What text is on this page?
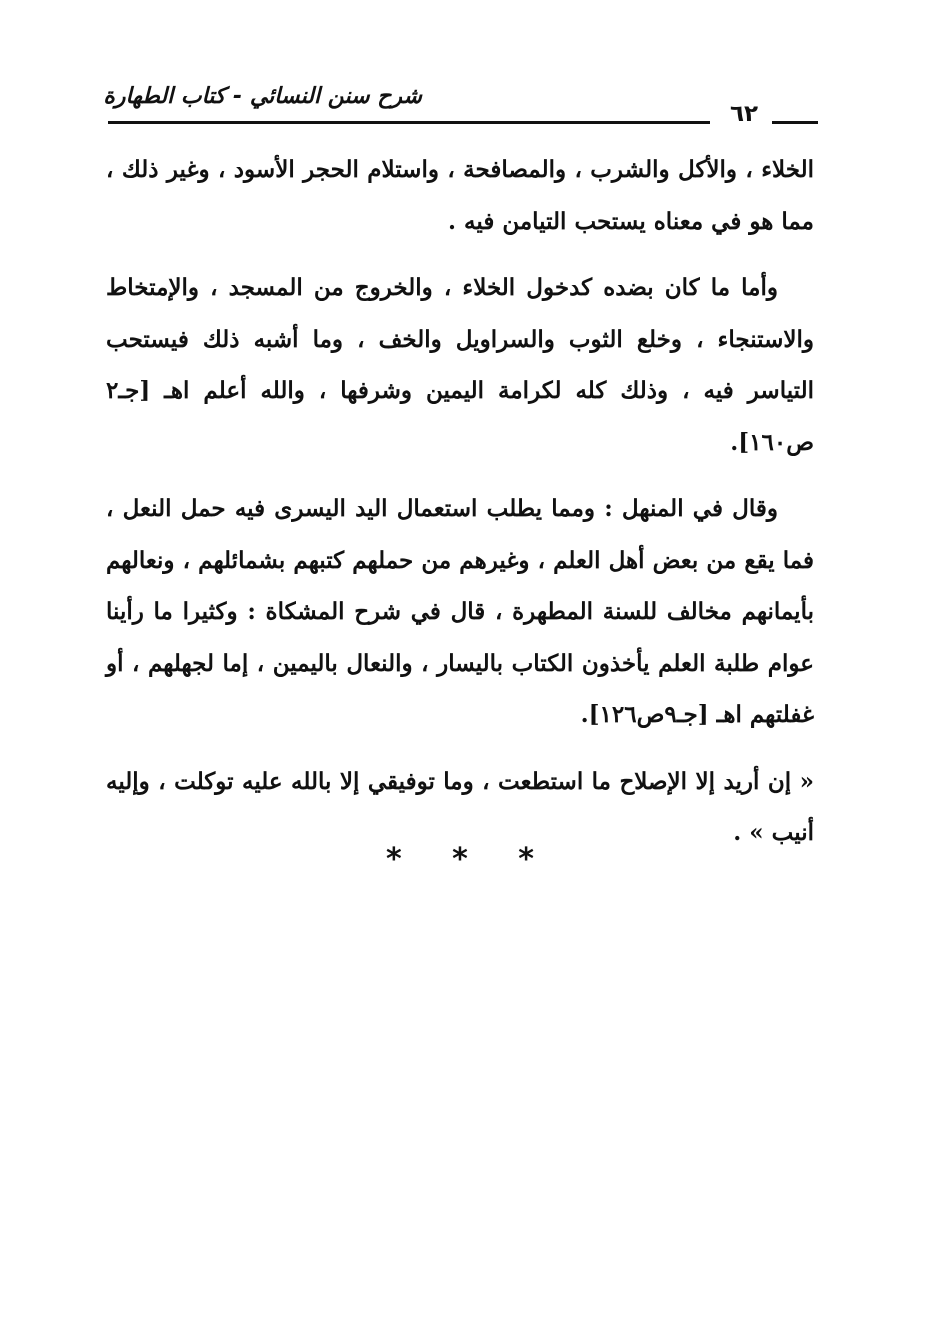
شرح سنن النسائي - كتاب الطهارة
٦٢

الخلاء ، والأكل والشرب ، والمصافحة ، واستلام الحجر الأسود ، وغير ذلك ، مما هو في معناه يستحب التيامن فيه .

وأما ما كان بضده كدخول الخلاء ، والخروج من المسجد ، والإمتخاط والاستنجاء ، وخلع الثوب والسراويل والخف ، وما أشبه ذلك فيستحب التياسر فيه ، وذلك كله لكرامة اليمين وشرفها ، والله أعلم اهـ [جـ٢ ص١٦٠].

وقال في المنهل : ومما يطلب استعمال اليد اليسرى فيه حمل النعل ، فما يقع من بعض أهل العلم ، وغيرهم من حملهم كتبهم بشمائلهم ، ونعالهم بأيمانهم مخالف للسنة المطهرة ، قال في شرح المشكاة : وكثيرا ما رأينا عوام طلبة العلم يأخذون الكتاب باليسار ، والنعال باليمين ، إما لجهلهم ، أو غفلتهم اهـ [جـ٩ص١٢٦].

« إن أريد إلا الإصلاح ما استطعت ، وما توفيقي إلا بالله عليه توكلت ، وإليه أنيب » .

* * *
